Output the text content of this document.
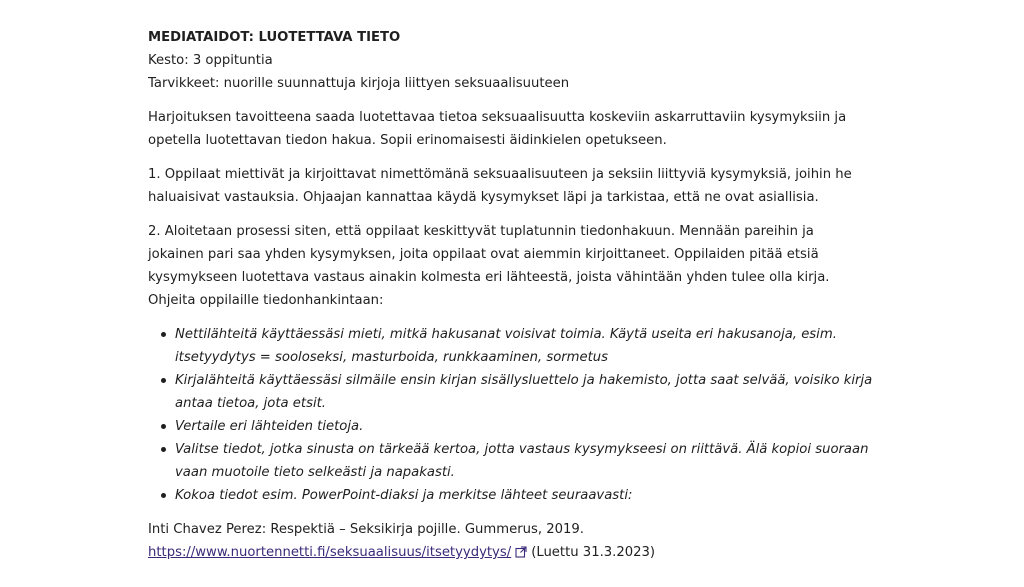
MEDIATAIDOT: LUOTETTAVA TIETO
Kesto: 3 oppituntia
Tarvikkeet: nuorille suunnattuja kirjoja liittyen seksuaalisuuteen
Harjoituksen tavoitteena saada luotettavaa tietoa seksuaalisuutta koskeviin askarruttaviin kysymyksiin ja
opetella luotettavan tiedon hakua. Sopii erinomaisesti äidinkielen opetukseen.
1. Oppilaat miettivät ja kirjoittavat nimettömänä seksuaalisuuteen ja seksiin liittyviä kysymyksiä, joihin he
haluaisivat vastauksia. Ohjaajan kannattaa käydä kysymykset läpi ja tarkistaa, että ne ovat asiallisia.
2. Aloitetaan prosessi siten, että oppilaat keskittyvät tuplatunnin tiedonhakuun. Mennään pareihin ja
jokainen pari saa yhden kysymyksen, joita oppilaat ovat aiemmin kirjoittaneet. Oppilaiden pitää etsiä
kysymykseen luotettava vastaus ainakin kolmesta eri lähteestä, joista vähintään yhden tulee olla kirja.
Ohjeita oppilaille tiedonhankintaan:
Nettilähteitä käyttäessäsi mieti, mitkä hakusanat voisivat toimia. Käytä useita eri hakusanoja, esim.
itsetyydytys = sooloseksi, masturboida, runkkaaminen, sormetus
Kirjalähteitä käyttäessäsi silmäile ensin kirjan sisällysluettelo ja hakemisto, jotta saat selvää, voisiko kirja
antaa tietoa, jota etsit.
Vertaile eri lähteiden tietoja.
Valitse tiedot, jotka sinusta on tärkeää kertoa, jotta vastaus kysymykseesi on riittävä. Älä kopioi suoraan
vaan muotoile tieto selkeästi ja napakasti.
Kokoa tiedot esim. PowerPoint-diaksi ja merkitse lähteet seuraavasti:
Inti Chavez Perez: Respektiä – Seksikirja pojille. Gummerus, 2019.
https://www.nuortennetti.fi/seksuaalisuus/itsetyydytys/ (Luettu 31.3.2023)
